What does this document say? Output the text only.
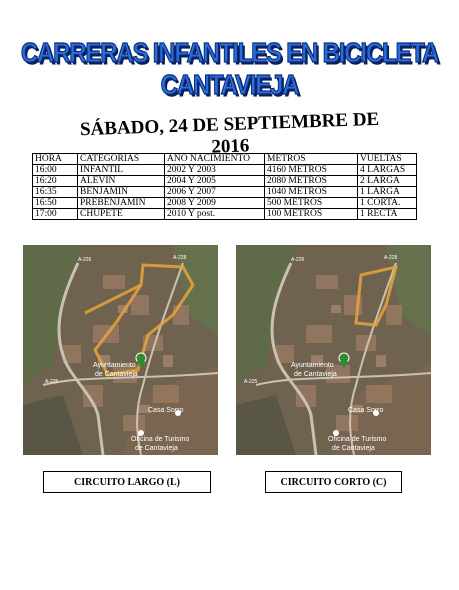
CARRERAS INFANTILES EN BICICLETA
CANTAVIEJA
SÁBADO, 24 DE SEPTIEMBRE DE 2016
HORA	CATEGORIAS	AÑO NACIMIENTO	METROS	VUELTAS
16:00	INFANTIL	2002 Y 2003	4160 METROS	4 LARGAS
16:20	ALEVIN	2004 Y 2005	2080 METROS	2 LARGA
16:35	BENJAMIN	2006 Y 2007	1040 METROS	1 LARGA
16:50	PREBENJAMIN	2008 Y 2009	500 METROS	1 CORTA.
17:00	CHUPETE	2010 Y post.	100 METROS	1 RECTA
Ayuntamiento
de Cantavieja
Casa Sorro
Oficina de Turismo
de Cantavieja
A-226
A-225
A-228
Ayuntamiento
de Cantavieja
Casa Sorro
Oficina de Turismo
de Cantavieja
A-226
A-225
A-228
CIRCUITO LARGO (L)	CIRCUITO CORTO (C)
